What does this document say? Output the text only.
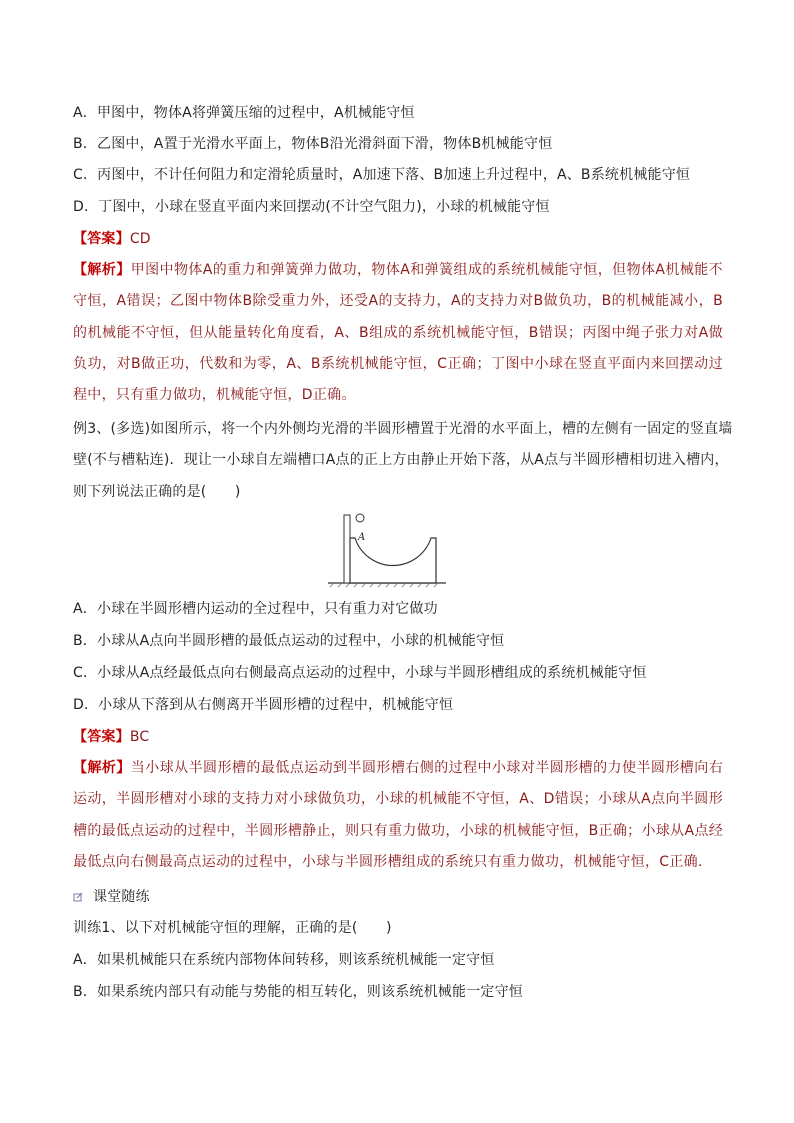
A．甲图中，物体A将弹簧压缩的过程中，A机械能守恒
B．乙图中，A置于光滑水平面上，物体B沿光滑斜面下滑，物体B机械能守恒
C．丙图中，不计任何阻力和定滑轮质量时，A加速下落、B加速上升过程中，A、B系统机械能守恒
D．丁图中，小球在竖直平面内来回摆动(不计空气阻力)，小球的机械能守恒
【答案】CD
【解析】甲图中物体A的重力和弹簧弹力做功，物体A和弹簧组成的系统机械能守恒，但物体A机械能不守恒，A错误；乙图中物体B除受重力外，还受A的支持力，A的支持力对B做负功，B的机械能减小，B的机械能不守恒，但从能量转化角度看，A、B组成的系统机械能守恒，B错误；丙图中绳子张力对A做负功，对B做正功，代数和为零，A、B系统机械能守恒，C正确；丁图中小球在竖直平面内来回摆动过程中，只有重力做功，机械能守恒，D正确。
例3、(多选)如图所示，将一个内外侧均光滑的半圆形槽置于光滑的水平面上，槽的左侧有一固定的竖直墙
壁(不与槽粘连)．现让一小球自左端槽口A点的正上方由静止开始下落，从A点与半圆形槽相切进入槽内，
则下列说法正确的是(　　)
A
A．小球在半圆形槽内运动的全过程中，只有重力对它做功
B．小球从A点向半圆形槽的最低点运动的过程中，小球的机械能守恒
C．小球从A点经最低点向右侧最高点运动的过程中，小球与半圆形槽组成的系统机械能守恒
D．小球从下落到从右侧离开半圆形槽的过程中，机械能守恒
【答案】BC
【解析】当小球从半圆形槽的最低点运动到半圆形槽右侧的过程中小球对半圆形槽的力使半圆形槽向右运动，半圆形槽对小球的支持力对小球做负功，小球的机械能不守恒，A、D错误；小球从A点向半圆形槽的最低点运动的过程中，半圆形槽静止，则只有重力做功，小球的机械能守恒，B正确；小球从A点经最低点向右侧最高点运动的过程中，小球与半圆形槽组成的系统只有重力做功，机械能守恒，C正确．
课堂随练
训练1、以下对机械能守恒的理解，正确的是(　　)
A．如果机械能只在系统内部物体间转移，则该系统机械能一定守恒
B．如果系统内部只有动能与势能的相互转化，则该系统机械能一定守恒
